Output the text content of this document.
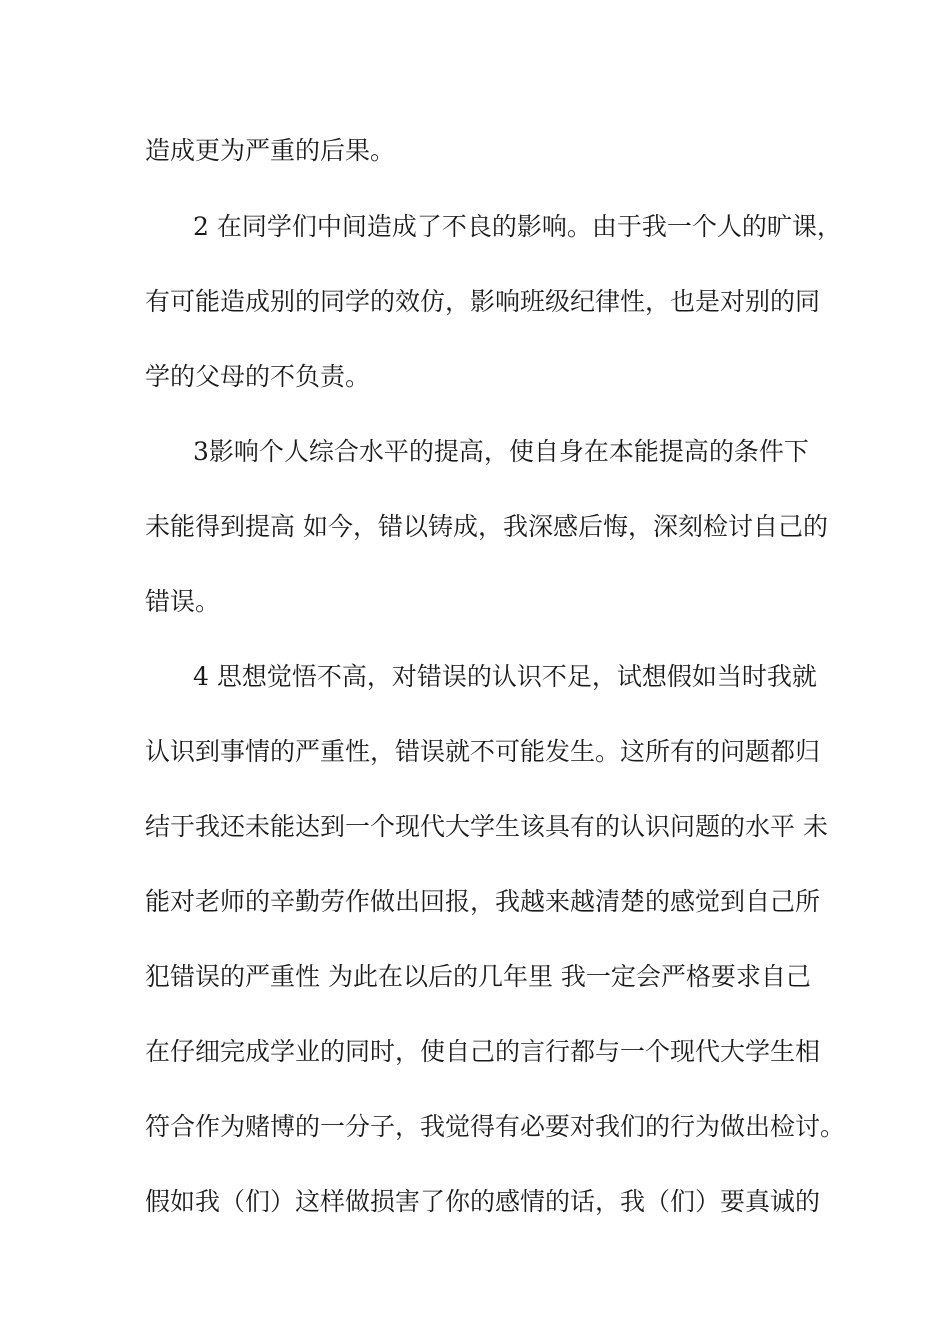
造成更为严重的后果。
2 在同学们中间造成了不良的影响。由于我一个人的旷课，
有可能造成别的同学的效仿，影响班级纪律性，也是对别的同
学的父母的不负责。
3影响个人综合水平的提高，使自身在本能提高的条件下
未能得到提高 如今，错以铸成，我深感后悔，深刻检讨自己的
错误。
4 思想觉悟不高，对错误的认识不足，试想假如当时我就
认识到事情的严重性，错误就不可能发生。这所有的问题都归
结于我还未能达到一个现代大学生该具有的认识问题的水平 未
能对老师的辛勤劳作做出回报，我越来越清楚的感觉到自己所
犯错误的严重性 为此在以后的几年里 我一定会严格要求自己
在仔细完成学业的同时，使自己的言行都与一个现代大学生相
符合作为赌博的一分子，我觉得有必要对我们的行为做出检讨。
假如我（们）这样做损害了你的感情的话，我（们）要真诚的
